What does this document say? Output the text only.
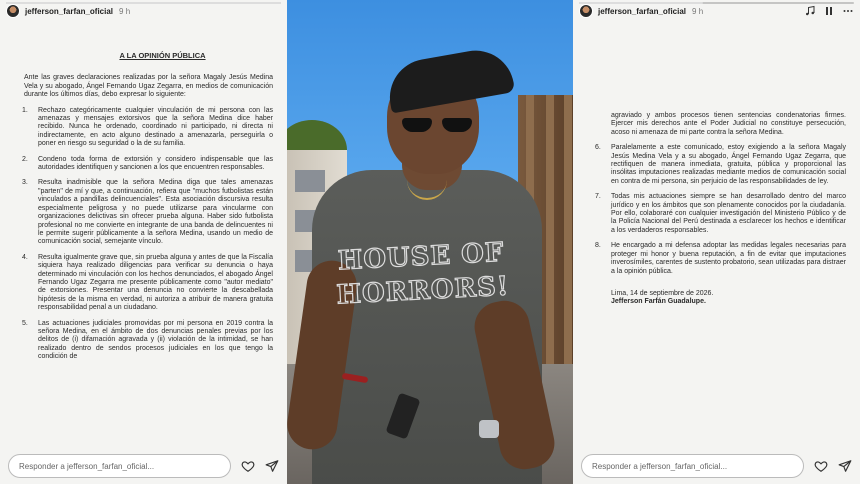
jefferson_farfan_oficial 9 h
A LA OPINIÓN PÚBLICA
Ante las graves declaraciones realizadas por la señora Magaly Jesús Medina Vela y su abogado, Ángel Fernando Ugaz Zegarra, en medios de comunicación durante los últimos días, debo expresar lo siguiente:
1.	Rechazo categóricamente cualquier vinculación de mi persona con las amenazas y mensajes extorsivos que la señora Medina dice haber recibido. Nunca he ordenado, coordinado ni participado, ni directa ni indirectamente, en acto alguno destinado a amenazarla, perseguirla o poner en riesgo su seguridad o la de su familia.
2.	Condeno toda forma de extorsión y considero indispensable que las autoridades identifiquen y sancionen a los que encuentren responsables.
3.	Resulta inadmisible que la señora Medina diga que tales amenazas "parten" de mí y que, a continuación, refiera que "muchos futbolistas están vinculados a pandillas delincuenciales". Esta asociación discursiva resulta especialmente peligrosa y no puede utilizarse para vincularme con organizaciones delictivas sin ofrecer prueba alguna. Haber sido futbolista profesional no me convierte en integrante de una banda de delincuentes ni le permite sugerir públicamente a la señora Medina, usando un medio de comunicación social, semejante vínculo.
4.	Resulta igualmente grave que, sin prueba alguna y antes de que la Fiscalía siquiera haya realizado diligencias para verificar su denuncia o haya determinado mi vinculación con los hechos denunciados, el abogado Ángel Fernando Ugaz Zegarra me presente públicamente como "autor mediato" de extorsiones. Presentar una denuncia no convierte la descabellada hipótesis de la misma en verdad, ni autoriza a atribuir de manera gratuita responsabilidad penal a un ciudadano.
5.	Las actuaciones judiciales promovidas por mi persona en 2019 contra la señora Medina, en el ámbito de dos denuncias penales previas por los delitos de (i) difamación agravada y (ii) violación de la intimidad, se han realizado dentro de sendos procesos judiciales en los que tengo la condición de
Responder a jefferson_farfan_oficial...
HOUSE OF
HORRORS!
jefferson_farfan_oficial 9 h
agraviado y ambos procesos tienen sentencias condenatorias firmes. Ejercer mis derechos ante el Poder Judicial no constituye persecución, acoso ni amenaza de mi parte contra la señora Medina.
6.	Paralelamente a este comunicado, estoy exigiendo a la señora Magaly Jesús Medina Vela y a su abogado, Ángel Fernando Ugaz Zegarra, que rectifiquen de manera inmediata, gratuita, pública y proporcional las insólitas imputaciones realizadas mediante medios de comunicación social en contra de mi persona, sin perjuicio de las responsabilidades de ley.
7.	Todas mis actuaciones siempre se han desarrollado dentro del marco jurídico y en los ámbitos que son plenamente conocidos por la ciudadanía. Por ello, colaboraré con cualquier investigación del Ministerio Público y de la Policía Nacional del Perú destinada a esclarecer los hechos e identificar a los verdaderos responsables.
8.	He encargado a mi defensa adoptar las medidas legales necesarias para proteger mi honor y buena reputación, a fin de evitar que imputaciones inverosímiles, carentes de sustento probatorio, sean utilizadas para distraer a la opinión pública.
Lima, 14 de septiembre de 2026.
Jefferson Farfán Guadalupe.
Responder a jefferson_farfan_oficial...
